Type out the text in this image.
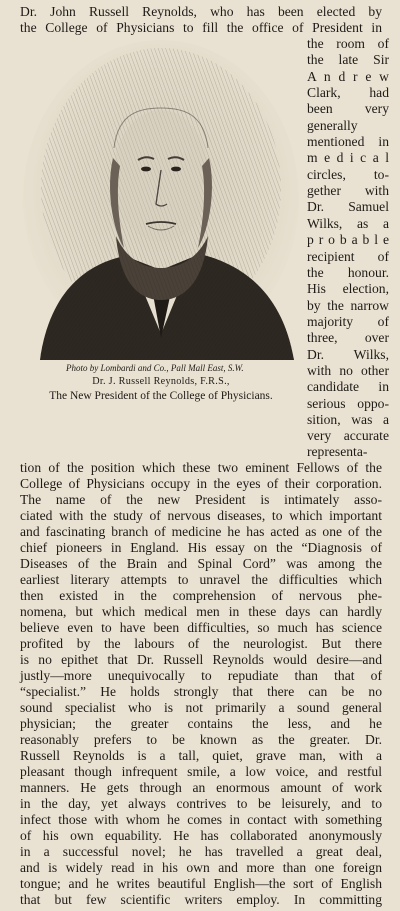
Dr. John Russell Reynolds, who has been elected by
the College of Physicians to fill the office of President in
Photo by Lombardi and Co., Pall Mall East, S.W.
Dr. J. Russell Reynolds, F.R.S.,
The New President of the College of Physicians.
the room of
the late Sir
A n d r e w
Clark, had
been very
generally
mentioned in
m e d i c a l
circles, to-
gether with
Dr. Samuel
Wilks, as a
p r o b a b l e
recipient of
the honour.
His election,
by the narrow
majority of
three, over
Dr. Wilks,
with no other
candidate in
serious oppo-
sition, was a
very accurate
representa-
tion of the position which these two eminent Fellows of the
College of Physicians occupy in the eyes of their corporation.
The name of the new President is intimately asso-
ciated with the study of nervous diseases, to which important
and fascinating branch of medicine he has acted as one of the
chief pioneers in England. His essay on the “Diagnosis of
Diseases of the Brain and Spinal Cord” was among the
earliest literary attempts to unravel the difficulties which
then existed in the comprehension of nervous phe-
nomena, but which medical men in these days can hardly
believe even to have been difficulties, so much has science
profited by the labours of the neurologist. But there
is no epithet that Dr. Russell Reynolds would desire—and
justly—more unequivocally to repudiate than that of
“specialist.” He holds strongly that there can be no
sound specialist who is not primarily a sound general
physician; the greater contains the less, and he
reasonably prefers to be known as the greater. Dr.
Russell Reynolds is a tall, quiet, grave man, with a
pleasant though infrequent smile, a low voice, and restful
manners. He gets through an enormous amount of work
in the day, yet always contrives to be leisurely, and to
infect those with whom he comes in contact with something
of his own equability. He has collaborated anonymously
in a successful novel; he has travelled a great deal,
and is widely read in his own and more than one foreign
tongue; and he writes beautiful English—the sort of English
that but few scientific writers employ. In committing
